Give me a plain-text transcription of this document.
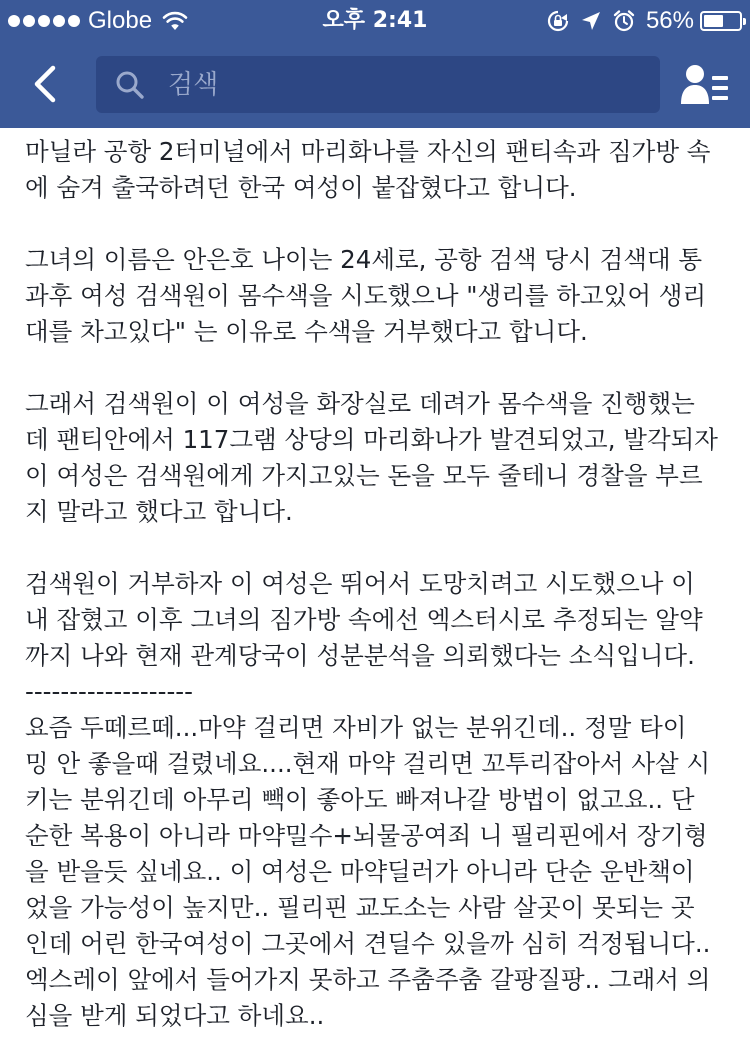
Globe	오후 2:41	56%
검색
마닐라 공항 2터미널에서 마리화나를 자신의 팬티속과 짐가방 속
에 숨겨 출국하려던 한국 여성이 붙잡혔다고 합니다.
그녀의 이름은 안은호 나이는 24세로, 공항 검색 당시 검색대 통
과후 여성 검색원이 몸수색을 시도했으나 "생리를 하고있어 생리
대를 차고있다" 는 이유로 수색을 거부했다고 합니다.
그래서 검색원이 이 여성을 화장실로 데려가 몸수색을 진행했는
데 팬티안에서 117그램 상당의 마리화나가 발견되었고, 발각되자
이 여성은 검색원에게 가지고있는 돈을 모두 줄테니 경찰을 부르
지 말라고 했다고 합니다.
검색원이 거부하자 이 여성은 뛰어서 도망치려고 시도했으나 이
내 잡혔고 이후 그녀의 짐가방 속에선 엑스터시로 추정되는 알약
까지 나와 현재 관계당국이 성분분석을 의뢰했다는 소식입니다.
-------------------
요즘 두떼르떼...마약 걸리면 자비가 없는 분위긴데.. 정말 타이
밍 안 좋을때 걸렸네요....현재 마약 걸리면 꼬투리잡아서 사살 시
키는 분위긴데 아무리 빽이 좋아도 빠져나갈 방법이 없고요.. 단
순한 복용이 아니라 마약밀수+뇌물공여죄 니 필리핀에서 장기형
을 받을듯 싶네요.. 이 여성은 마약딜러가 아니라 단순 운반책이
었을 가능성이 높지만.. 필리핀 교도소는 사람 살곳이 못되는 곳
인데 어린 한국여성이 그곳에서 견딜수 있을까 심히 걱정됩니다..
엑스레이 앞에서 들어가지 못하고 주춤주춤 갈팡질팡.. 그래서 의
심을 받게 되었다고 하네요..
